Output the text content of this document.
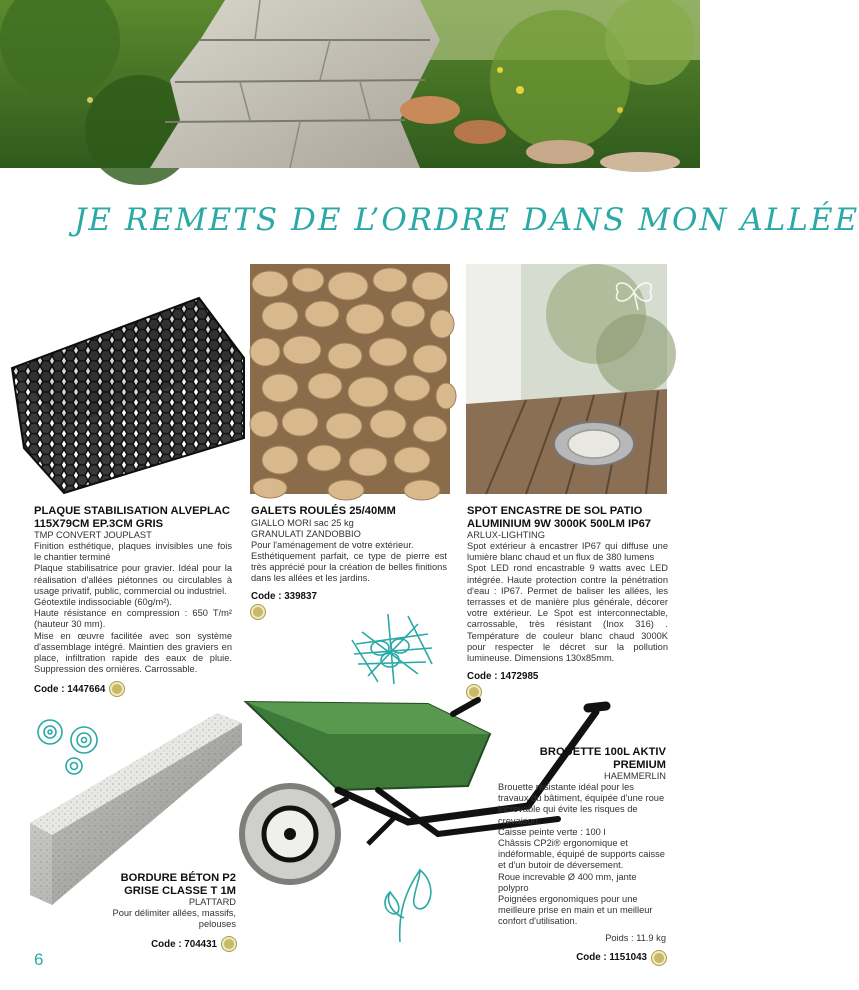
JE REMETS DE L’ORDRE DANS MON ALLÉE
PLAQUE STABILISATION ALVEPLAC 115X79CM EP.3CM GRIS
TMP CONVERT JOUPLAST

Finition esthétique, plaques invisibles une fois le chantier terminé

Plaque stabilisatrice pour gravier. Idéal pour la réalisation d'allées piétonnes ou circulables à usage privatif, public, commercial ou industriel.

Géotextile indissociable (60g/m²).

Haute résistance en compression : 650 T/m² (hauteur 30 mm).

Mise en œuvre facilitée avec son système d'assemblage intégré. Maintien des graviers en place, infiltration rapide des eaux de pluie. Suppression des ornières. Carrossable.

Code : 1447664
GALETS ROULÉS 25/40MM
GIALLO MORI sac 25 kg
GRANULATI ZANDOBBIO

Pour l'aménagement de votre extérieur.

Esthétiquement parfait, ce type de pierre est très apprécié pour la création de belles finitions dans les allées et les jardins.

Code : 339837
SPOT ENCASTRE DE SOL PATIO ALUMINIUM 9W 3000K 500LM IP67
ARLUX-LIGHTING

Spot extérieur à encastrer IP67 qui diffuse une lumière blanc chaud et un flux de 380 lumens

Spot LED rond encastrable 9 watts avec LED intégrée. Haute protection contre la pénétration d'eau : IP67. Permet de baliser les allées, les terrasses et de manière plus générale, décorer votre extérieur. Le Spot est interconnectable, carrossable, très résistant (Inox 316) . Température de couleur blanc chaud 3000K pour respecter le décret sur la pollution lumineuse. Dimensions 130x85mm.

Code : 1472985
BORDURE BÉTON P2 GRISE CLASSE T 1M
PLATTARD

Pour délimiter allées, massifs, pelouses

Code : 704431
BROUETTE 100L AKTIV PREMIUM
HAEMMERLIN

Brouette résistante idéal pour les travaux du bâtiment, équipée d'une roue increvable qui évite les risques de crevaison.

Caisse peinte verte : 100 l

Châssis CP2i® ergonomique et indéformable, équipé de supports caisse et d'un butoir de déversement.

Roue increvable Ø 400 mm, jante polypro

Poignées ergonomiques pour une meilleure prise en main et un meilleur confort d'utilisation.

Poids : 11.9 kg
Code : 1151043
6
